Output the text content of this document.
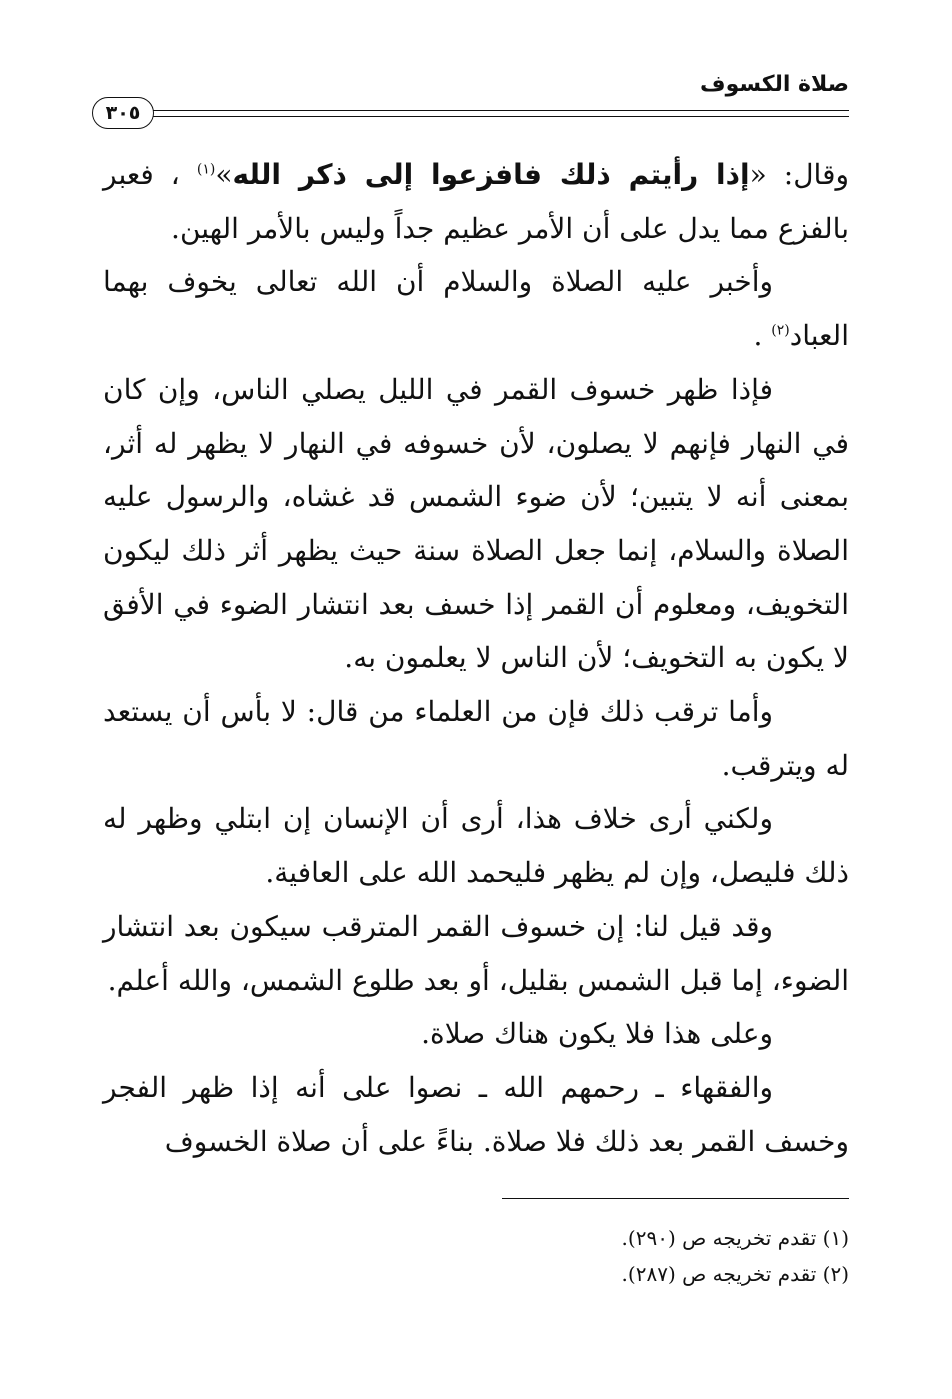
صلاة الكسوف
٣٠٥

وقال: «إذا رأيتم ذلك فافزعوا إلى ذكر الله»$^{(١)}$ ، فعبر بالفزع مما يدل على أن الأمر عظيم جداً وليس بالأمر الهين.

وأخبر عليه الصلاة والسلام أن الله تعالى يخوف بهما العباد$^{(٢)}$ .

فإذا ظهر خسوف القمر في الليل يصلي الناس، وإن كان في النهار فإنهم لا يصلون، لأن خسوفه في النهار لا يظهر له أثر، بمعنى أنه لا يتبين؛ لأن ضوء الشمس قد غشاه، والرسول عليه الصلاة والسلام، إنما جعل الصلاة سنة حيث يظهر أثر ذلك ليكون التخويف، ومعلوم أن القمر إذا خسف بعد انتشار الضوء في الأفق لا يكون به التخويف؛ لأن الناس لا يعلمون به.

وأما ترقب ذلك فإن من العلماء من قال: لا بأس أن يستعد له ويترقب.

ولكني أرى خلاف هذا، أرى أن الإنسان إن ابتلي وظهر له ذلك فليصل، وإن لم يظهر فليحمد الله على العافية.

وقد قيل لنا: إن خسوف القمر المترقب سيكون بعد انتشار الضوء، إما قبل الشمس بقليل، أو بعد طلوع الشمس، والله أعلم.

وعلى هذا فلا يكون هناك صلاة.

والفقهاء ـ رحمهم الله ـ نصوا على أنه إذا ظهر الفجر وخسف القمر بعد ذلك فلا صلاة. بناءً على أن صلاة الخسوف

(١) تقدم تخريجه ص (٢٩٠).
(٢) تقدم تخريجه ص (٢٨٧).
